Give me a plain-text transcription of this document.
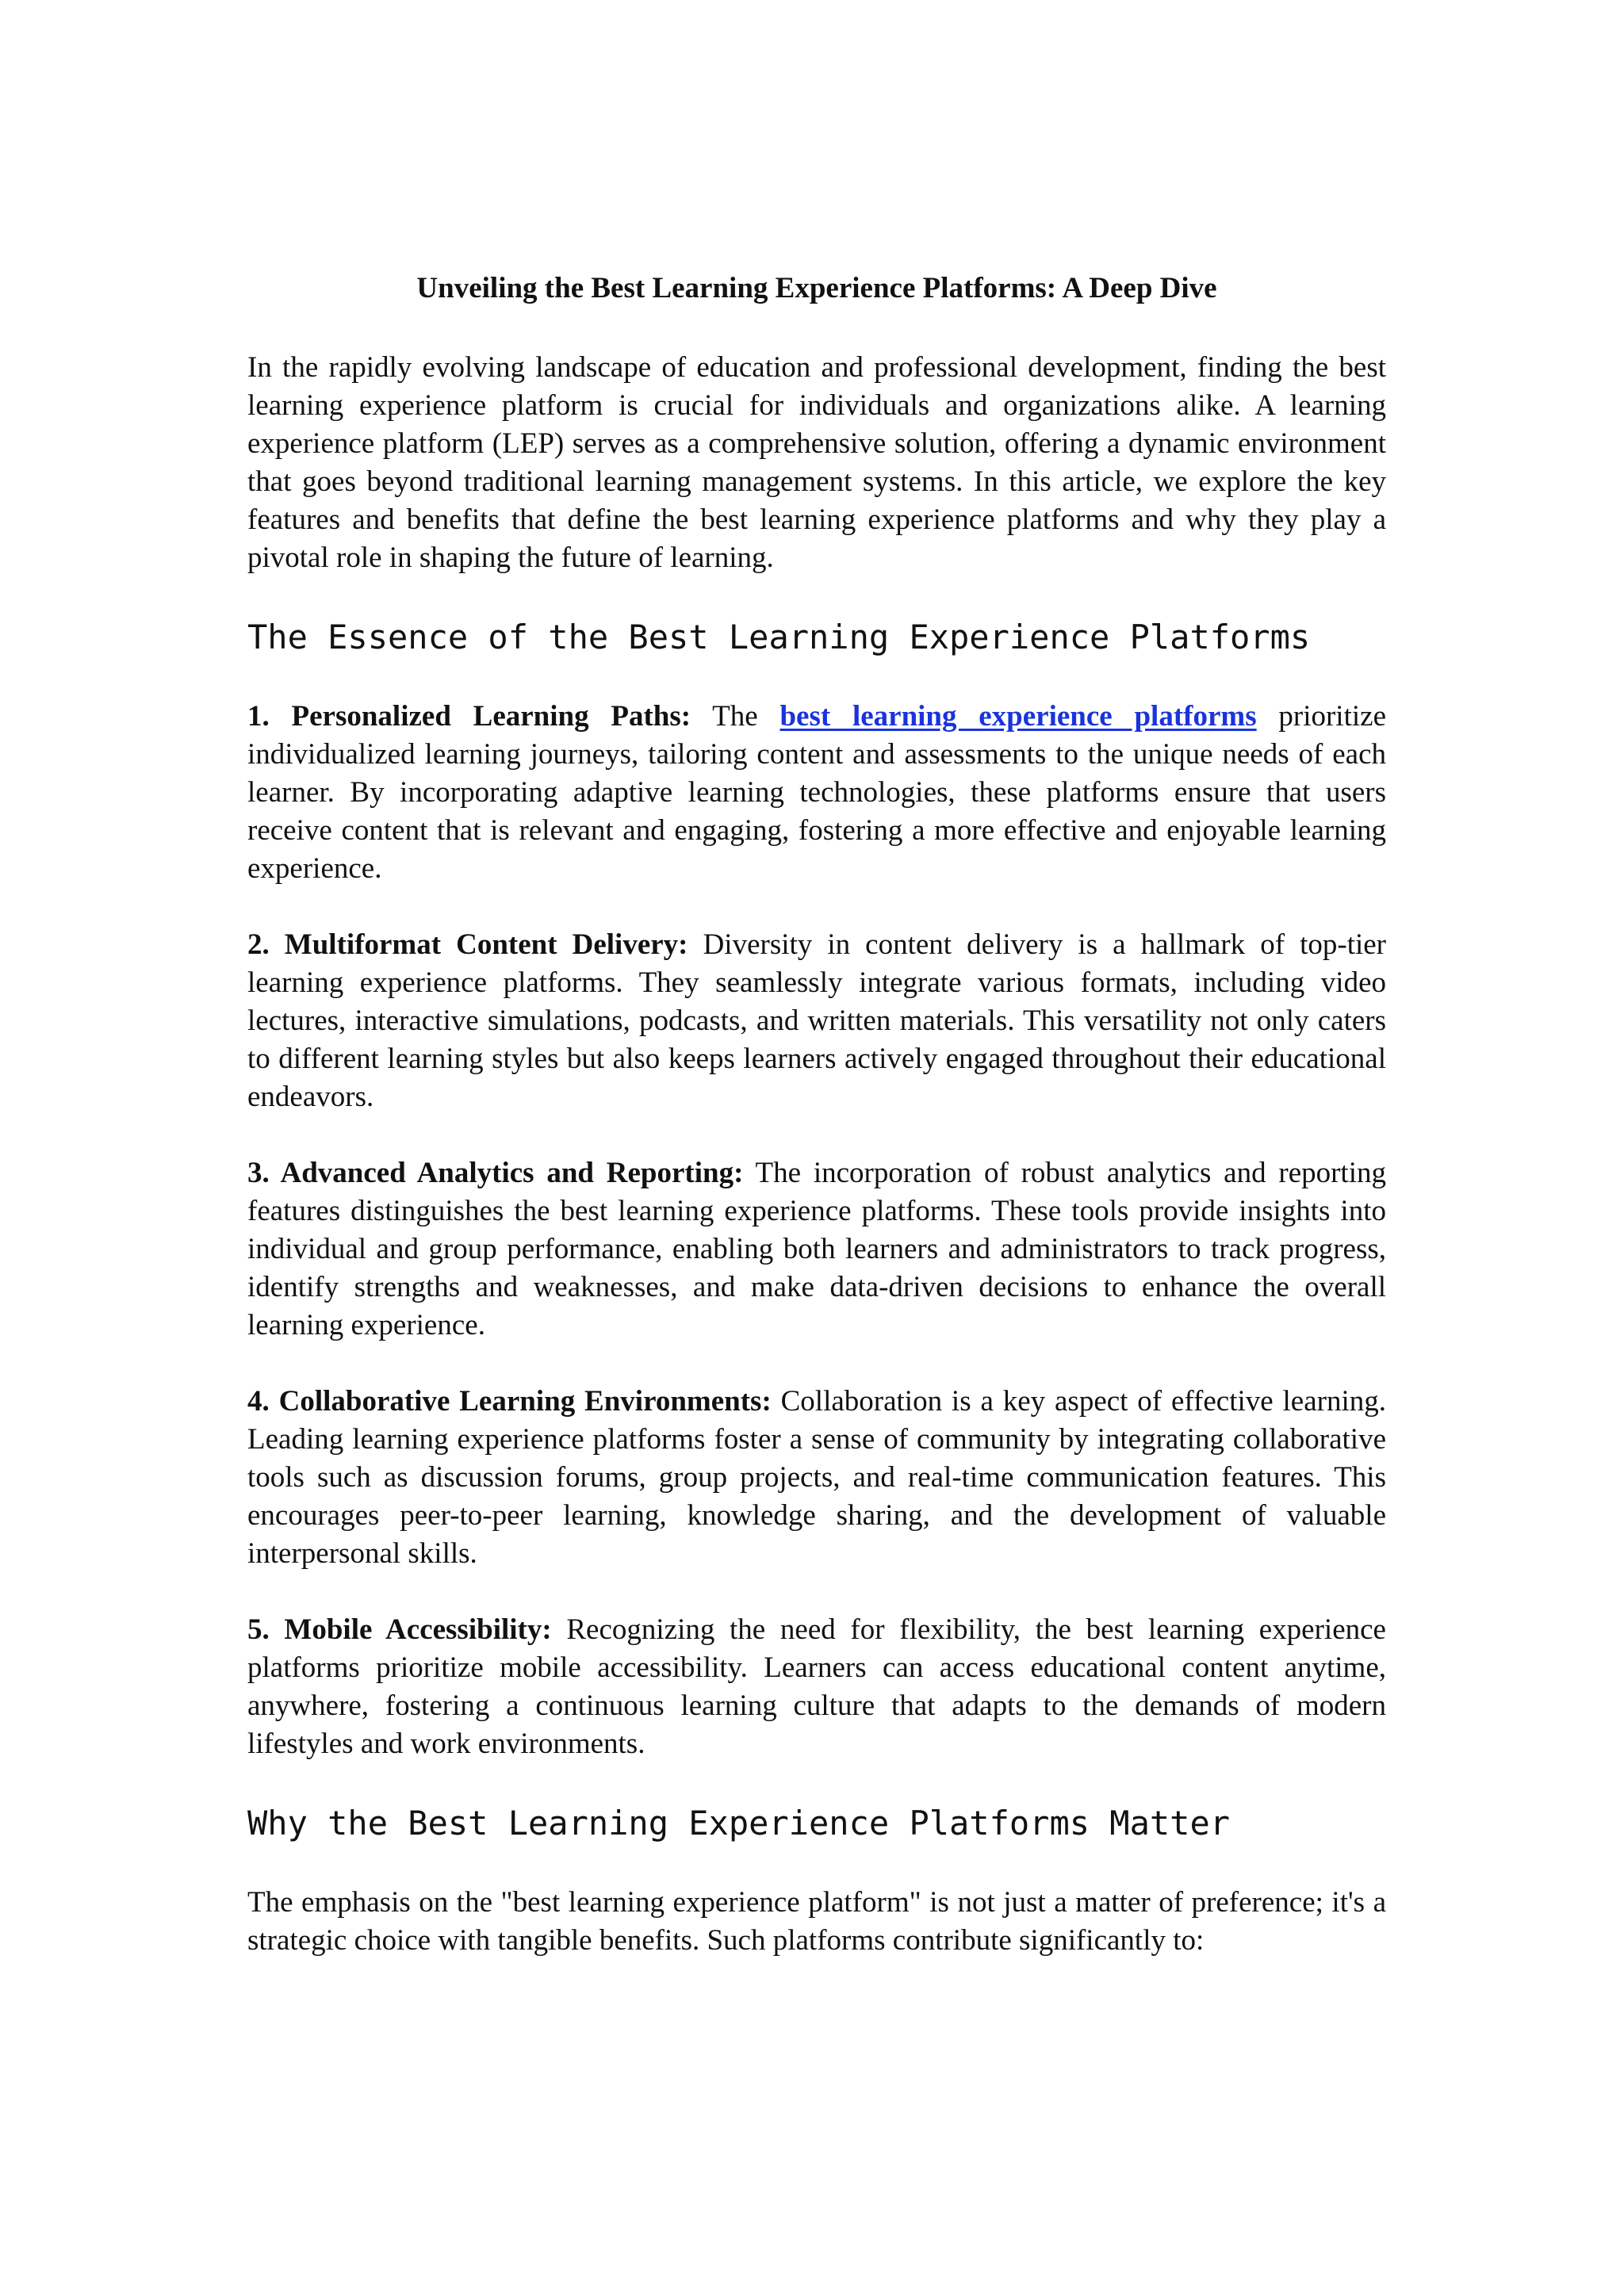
Unveiling the Best Learning Experience Platforms: A Deep Dive

In the rapidly evolving landscape of education and professional development, finding the best learning experience platform is crucial for individuals and organizations alike. A learning experience platform (LEP) serves as a comprehensive solution, offering a dynamic environment that goes beyond traditional learning management systems. In this article, we explore the key features and benefits that define the best learning experience platforms and why they play a pivotal role in shaping the future of learning.

The Essence of the Best Learning Experience Platforms

1. Personalized Learning Paths: The best learning experience platforms prioritize individualized learning journeys, tailoring content and assessments to the unique needs of each learner. By incorporating adaptive learning technologies, these platforms ensure that users receive content that is relevant and engaging, fostering a more effective and enjoyable learning experience.

2. Multiformat Content Delivery: Diversity in content delivery is a hallmark of top-tier learning experience platforms. They seamlessly integrate various formats, including video lectures, interactive simulations, podcasts, and written materials. This versatility not only caters to different learning styles but also keeps learners actively engaged throughout their educational endeavors.

3. Advanced Analytics and Reporting: The incorporation of robust analytics and reporting features distinguishes the best learning experience platforms. These tools provide insights into individual and group performance, enabling both learners and administrators to track progress, identify strengths and weaknesses, and make data-driven decisions to enhance the overall learning experience.

4. Collaborative Learning Environments: Collaboration is a key aspect of effective learning. Leading learning experience platforms foster a sense of community by integrating collaborative tools such as discussion forums, group projects, and real-time communication features. This encourages peer-to-peer learning, knowledge sharing, and the development of valuable interpersonal skills.

5. Mobile Accessibility: Recognizing the need for flexibility, the best learning experience platforms prioritize mobile accessibility. Learners can access educational content anytime, anywhere, fostering a continuous learning culture that adapts to the demands of modern lifestyles and work environments.

Why the Best Learning Experience Platforms Matter

The emphasis on the "best learning experience platform" is not just a matter of preference; it's a strategic choice with tangible benefits. Such platforms contribute significantly to:
